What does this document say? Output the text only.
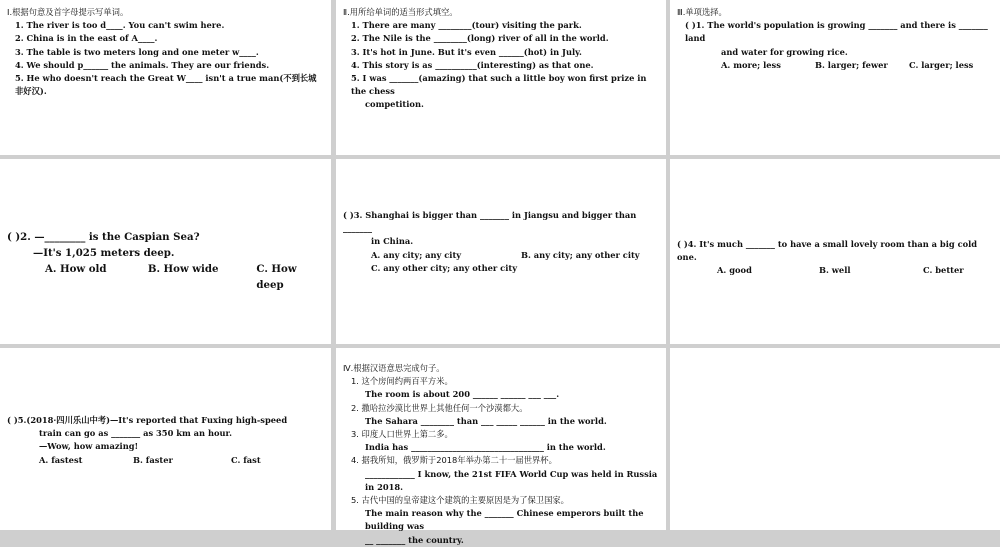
Ⅰ.根据句意及首字母提示写单词。
1. The river is too d____. You can't swim here.
2. China is in the east of A____.
3. The table is two meters long and one meter w____.
4. We should p______ the animals. They are our friends.
5. He who doesn't reach the Great W____ isn't a true man(不到长城非好汉).
Ⅱ.用所给单词的适当形式填空。
1. There are many ________(tour) visiting the park.
2. The Nile is the ________(long) river of all in the world.
3. It's hot in June. But it's even ______(hot) in July.
4. This story is as __________(interesting) as that one.
5. I was _______(amazing) that such a little boy won first prize in the chess
competition.
Ⅲ.单项选择。
( )1. The world's population is growing _______ and there is _______ land
and water for growing rice.
A. more; less	B. larger; fewer	C. larger; less
( )2. —________ is the Caspian Sea?
—It's 1,025 meters deep.
A. How old	B. How wide	C. How deep
( )3. Shanghai is bigger than _______ in Jiangsu and bigger than _______
in China.
A. any city; any city	B. any city; any other city
C. any other city; any other city
( )4. It's much _______ to have a small lovely room than a big cold one.
A. good	B. well	C. better
( )5.(2018·四川乐山中考)—It's reported that Fuxing high-speed
train can go as _______ as 350 km an hour.
—Wow, how amazing!
A. fastest	B. faster	C. fast
Ⅳ.根据汉语意思完成句子。
1. 这个房间约两百平方米。
The room is about 200 ______ ______ ___ ___.
2. 撒哈拉沙漠比世界上其他任何一个沙漠都大。
The Sahara ________ than ___ _____ ______ in the world.
3. 印度人口世界上第二多。
India has ________________________________ in the world.
4. 据我所知，俄罗斯于2018年举办第二十一届世界杯。
____________ I know, the 21st FIFA World Cup was held in Russia in 2018.
5. 古代中国的皇帝建这个建筑的主要原因是为了保卫国家。
The main reason why the _______ Chinese emperors built the building was
__ _______ the country.
